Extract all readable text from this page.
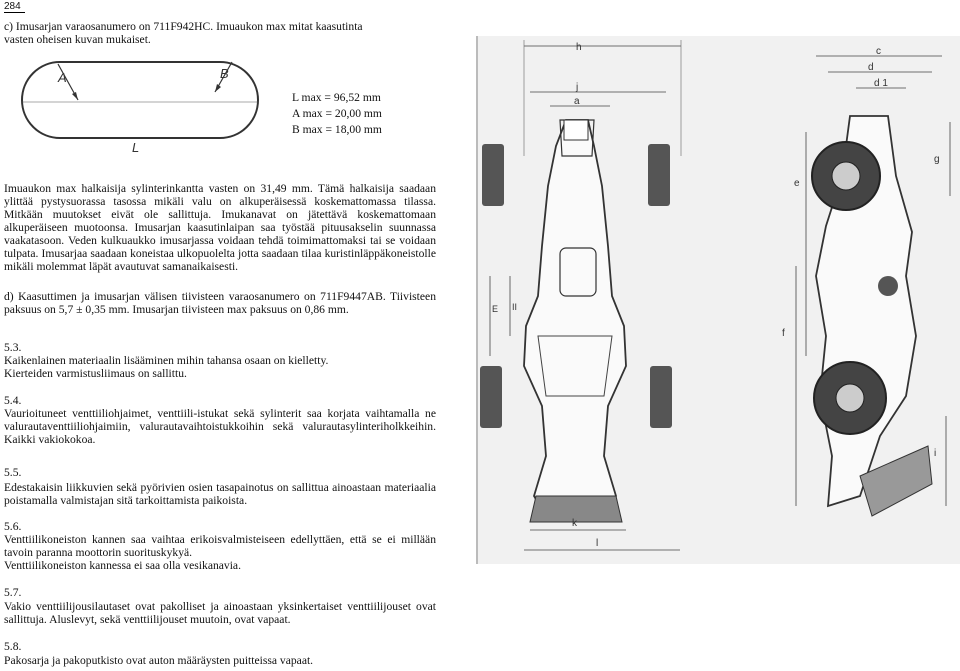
284

c) Imusarjan varaosanumero on 711F942HC. Imuaukon max mitat kaasutinta
vasten oheisen kuvan mukaiset.

A	B
L
L max = 96,52 mm
A max = 20,00 mm
B max = 18,00 mm

Imuaukon max halkaisija sylinterinkantta vasten on 31,49 mm. Tämä halkaisija saadaan ylittää pystysuorassa tasossa mikäli valu on alkuperäisessä koskemattomassa tilassa. Mitkään muutokset eivät ole sallittuja. Imukanavat on jätettävä koskemattomaan alkuperäiseen muotoonsa. Imusarjan kaasutinlaipan saa työstää pituusakselin suunnassa vaakatasoon. Veden kulkuaukko imusarjassa voidaan tehdä toimimattomaksi tai se voidaan tulpata. Imusarjaa saadaan koneistaa ulkopuolelta jotta saadaan tilaa kuristinläppäkoneistolle mikäli molemmat läpät avautuvat samanaikaisesti.

d) Kaasuttimen ja imusarjan välisen tiivisteen varaosanumero on 711F9447AB. Tiivisteen paksuus on 5,7 ± 0,35 mm. Imusarjan tiivisteen max paksuus on 0,86 mm.

5.3.

Kaikenlainen materiaalin lisääminen mihin tahansa osaan on kielletty.
Kierteiden varmistusliimaus on sallittu.

5.4.

Vaurioituneet venttiiliohjaimet, venttiili-istukat sekä sylinterit saa korjata vaihtamalla ne valurautaventtiiliohjaimiin, valurautavaihtoistukkoihin sekä valurautasylinteriholkkeihin. Kaikki vakiokokoa.

5.5.

Edestakaisin liikkuvien sekä pyörivien osien tasapainotus on sallittua ainoastaan materiaalia poistamalla valmistajan sitä tarkoittamista paikoista.

5.6.

Venttiilikoneiston kannen saa vaihtaa erikoisvalmisteiseen edellyttäen, että se ei millään tavoin paranna moottorin suorituskykyä.
Venttiilikoneiston kannessa ei saa olla vesikanavia.

5.7.

Vakio venttiilijousilautaset ovat pakolliset ja ainoastaan yksinkertaiset venttiilijouset ovat sallittuja. Aluslevyt, sekä venttiilijouset muutoin, ovat vapaat.

5.8.

Pakosarja ja pakoputkisto ovat auton määräysten puitteissa vapaat.

h
j
a
k
l
II
E
c
d
d 1
g
e
f
i
